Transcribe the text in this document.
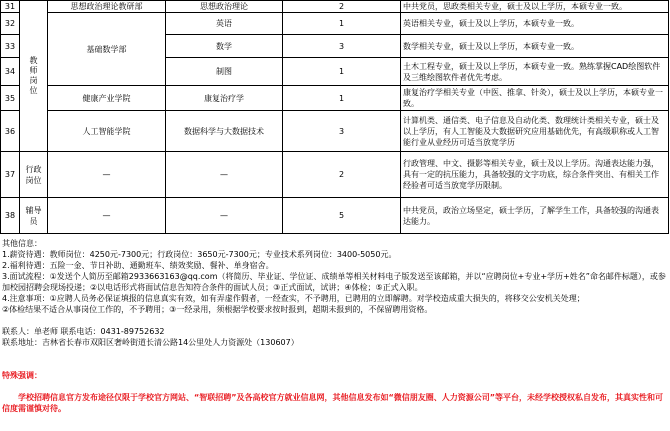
31	教师岗位	思想政治理论教研部	思想政治理论	2	中共党员，思政类相关专业，硕士及以上学历，本硕专业一致。
32		基础数学部	英语	1	英语相关专业，硕士及以上学历，本硕专业一致。
33			数学	3	数学相关专业，硕士及以上学历，本硕专业一致。
34			制图	1	土木工程专业，硕士及以上学历，本硕专业一致。熟练掌握CAD绘图软件及三维绘图软件者优先考虑。
35		健康产业学院	康复治疗学	1	康复治疗学相关专业（中医、推拿、针灸），硕士及以上学历，本硕专业一致。
36		人工智能学院	数据科学与大数据技术	3	计算机类、通信类、电子信息及自动化类、数理统计类相关专业，硕士及以上学历，有人工智能及大数据研究应用基础优先，有高级职称或人工智能行业从业经历可适当放宽学历
37	行政岗位	—	—	2	行政管理、中文、摄影等相关专业，硕士及以上学历。沟通表达能力强，具有一定的抗压能力，具备较强的文字功底，综合条件突出、有相关工作经验者可适当放宽学历限制。
38	辅导员	—	—	5	中共党员，政治立场坚定，硕士学历，了解学生工作，具备较强的沟通表达能力。
其他信息：
1.薪资待遇：教师岗位：4250元-7300元；行政岗位：3650元-7300元；专业技术系列岗位：3400-5050元。
2.福利待遇：五险一金、节日补助、通勤班车、绩效奖励、餐补、单身宿舍。
3.面试流程：①发送个人简历至邮箱2933663163@qq.com（将简历、毕业证、学位证、成绩单等相关材料电子版发送至该邮箱，并以“应聘岗位+专业+学历+姓名”命名邮件标题），或参加校园招聘会现场投递；②以电话形式将面试信息告知符合条件的面试人员；③正式面试，试讲；④体检；⑤正式入职。
4.注意事项：①应聘人员务必保证填报的信息真实有效，如有弄虚作假者，一经查实，不予聘用，已聘用的立即解聘。对学校造成重大损失的，将移交公安机关处理；
②体检结果不适合从事岗位工作的，不予聘用；③一经录用，须根据学校要求按时报到，超期未报到的，不保留聘用资格。
联系人：单老师 联系电话：0431-89752632
联系地址：吉林省长春市双阳区奢岭街道长清公路14公里处人力资源处（130607）
特殊强调：
学校招聘信息官方发布途径仅限于学校官方网站、“智联招聘”及各高校官方就业信息网，其他信息发布如“微信朋友圈、人力资源公司”等平台，未经学校授权私自发布，其真实性和可信度需谨慎对待。
